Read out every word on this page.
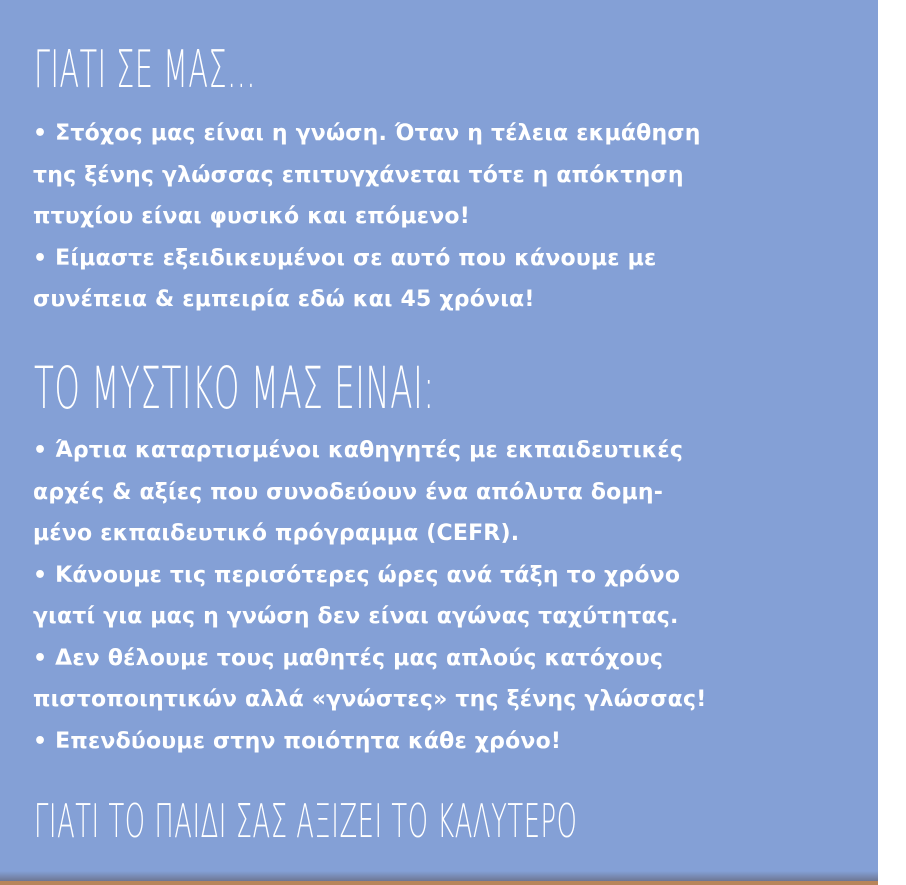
ΓΙΑΤΙ ΣΕ ΜΑΣ...
• Στόχος μας είναι η γνώση. Όταν η τέλεια εκμάθηση
της ξένης γλώσσας επιτυγχάνεται τότε η απόκτηση
πτυχίου είναι φυσικό και επόμενο!
• Είμαστε εξειδικευμένοι σε αυτό που κάνουμε με
συνέπεια & εμπειρία εδώ και 45 χρόνια!
ΤΟ ΜΥΣΤΙΚΟ ΜΑΣ ΕΙΝΑΙ:
• Άρτια καταρτισμένοι καθηγητές με εκπαιδευτικές
αρχές & αξίες που συνοδεύουν ένα απόλυτα δομη-
μένο εκπαιδευτικό πρόγραμμα (CEFR).
• Κάνουμε τις περισότερες ώρες ανά τάξη το χρόνο
γιατί για μας η γνώση δεν είναι αγώνας ταχύτητας.
• Δεν θέλουμε τους μαθητές μας απλούς κατόχους
πιστοποιητικών αλλά «γνώστες» της ξένης γλώσσας!
• Επενδύουμε στην ποιότητα κάθε χρόνο!
ΓΙΑΤΙ ΤΟ ΠΑΙΔΙ ΣΑΣ ΑΞΙΖΕΙ ΤΟ ΚΑΛΥΤΕΡΟ
